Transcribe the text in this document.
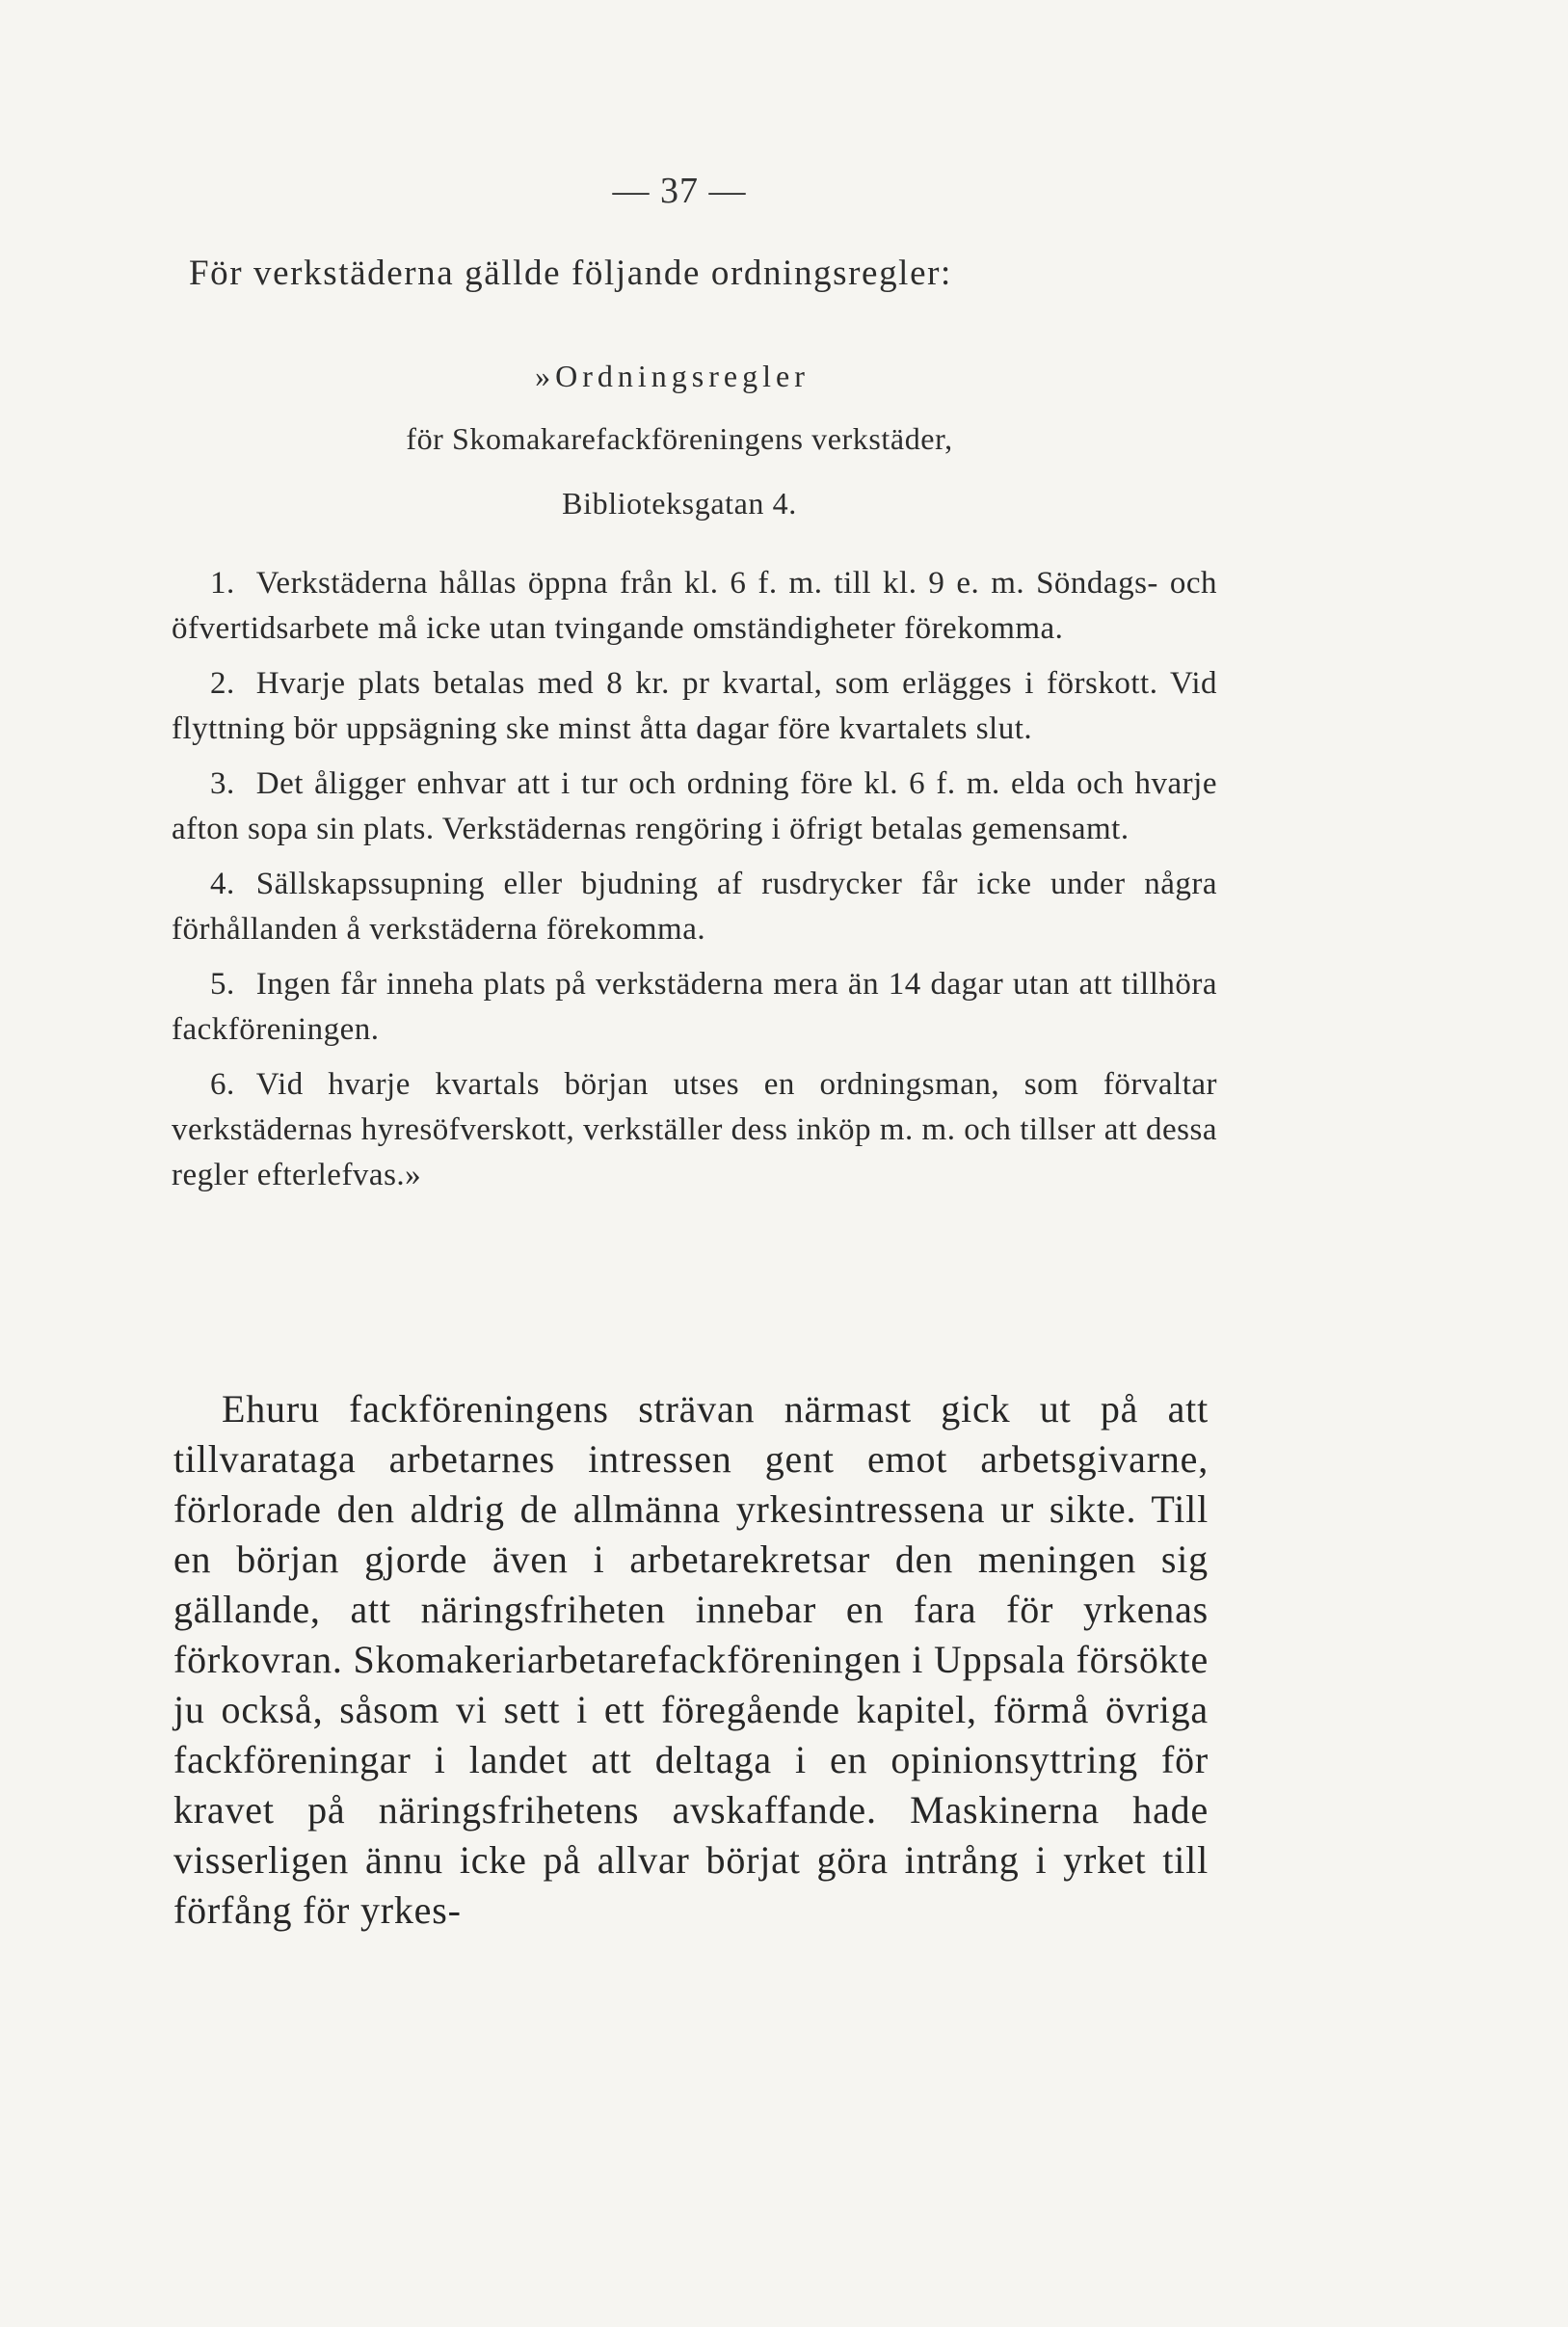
— 37 —
För verkstäderna gällde följande ordningsregler:
»Ordningsregler
för Skomakarefackföreningens verkstäder,
Biblioteksgatan 4.

1. Verkstäderna hållas öppna från kl. 6 f. m. till kl. 9 e. m. Söndags- och öfvertidsarbete må icke utan tvingande omständigheter förekomma.

2. Hvarje plats betalas med 8 kr. pr kvartal, som erlägges i förskott. Vid flyttning bör uppsägning ske minst åtta dagar före kvartalets slut.

3. Det åligger enhvar att i tur och ordning före kl. 6 f. m. elda och hvarje afton sopa sin plats. Verkstädernas rengöring i öfrigt betalas gemensamt.

4. Sällskapssupning eller bjudning af rusdrycker får icke under några förhållanden å verkstäderna förekomma.

5. Ingen får inneha plats på verkstäderna mera än 14 dagar utan att tillhöra fackföreningen.

6. Vid hvarje kvartals början utses en ordningsman, som förvaltar verkstädernas hyresöfverskott, verkställer dess inköp m. m. och tillser att dessa regler efterlefvas.»

Ehuru fackföreningens strävan närmast gick ut på att tillvarataga arbetarnes intressen gent emot arbetsgivarne, förlorade den aldrig de allmänna yrkesintressena ur sikte. Till en början gjorde även i arbetarekretsar den meningen sig gällande, att näringsfriheten innebar en fara för yrkenas förkovran. Skomakeriarbetarefackföreningen i Uppsala försökte ju också, såsom vi sett i ett föregående kapitel, förmå övriga fackföreningar i landet att deltaga i en opinionsyttring för kravet på näringsfrihetens avskaffande. Maskinerna hade visserligen ännu icke på allvar börjat göra intrång i yrket till förfång för yrkes-
